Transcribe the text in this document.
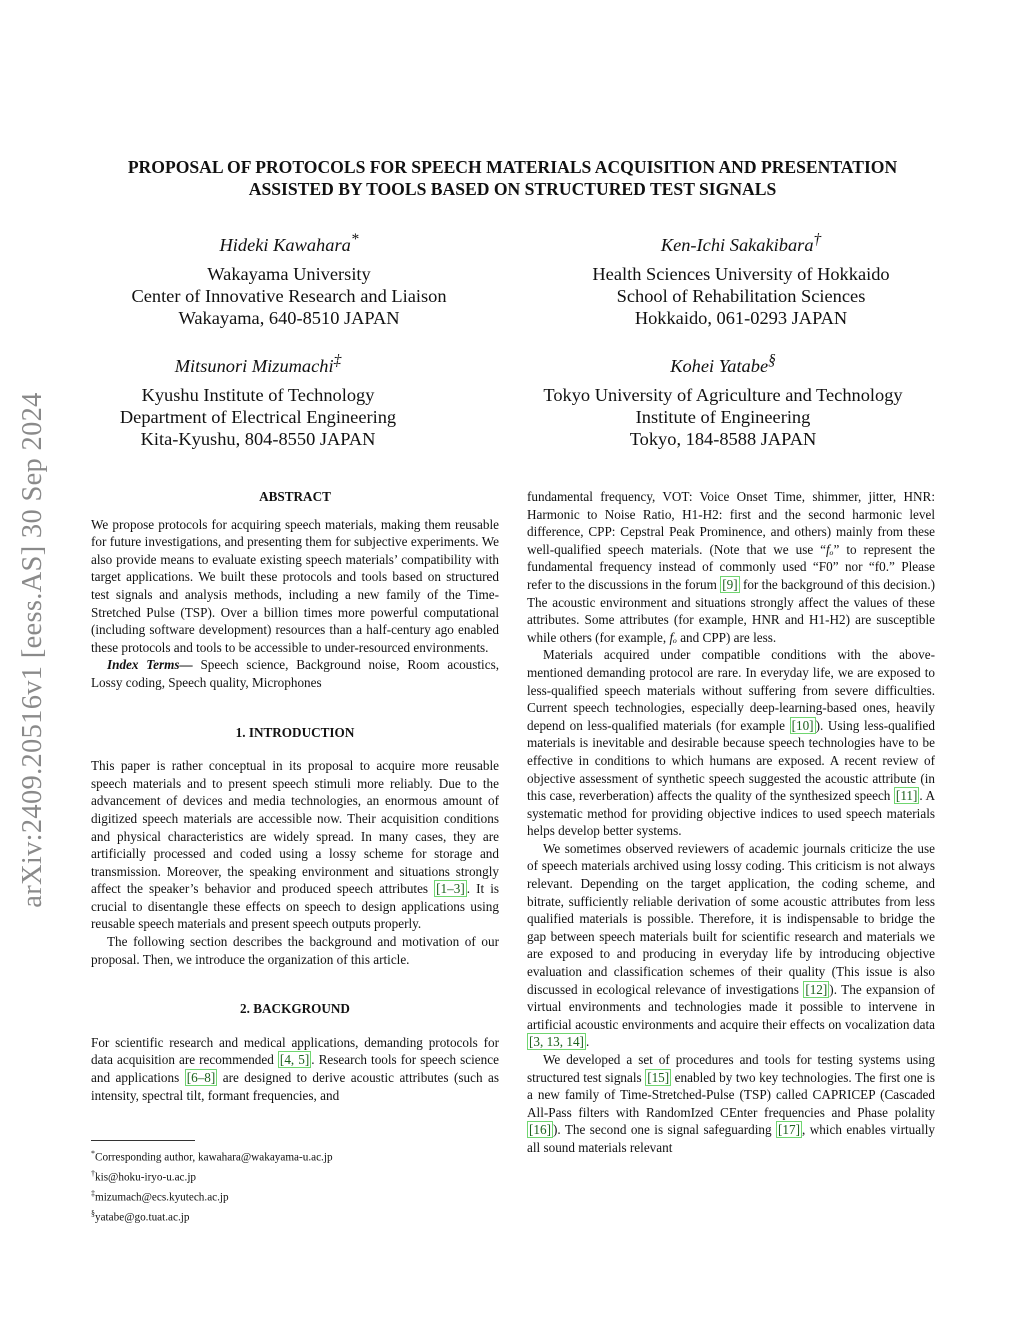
arXiv:2409.20516v1 [eess.AS] 30 Sep 2024
PROPOSAL OF PROTOCOLS FOR SPEECH MATERIALS ACQUISITION AND PRESENTATION ASSISTED BY TOOLS BASED ON STRUCTURED TEST SIGNALS
Hideki Kawahara*
Wakayama University
Center of Innovative Research and Liaison
Wakayama, 640-8510 JAPAN
Ken-Ichi Sakakibara†
Health Sciences University of Hokkaido
School of Rehabilitation Sciences
Hokkaido, 061-0293 JAPAN
Mitsunori Mizumachi‡
Kyushu Institute of Technology
Department of Electrical Engineering
Kita-Kyushu, 804-8550 JAPAN
Kohei Yatabe§
Tokyo University of Agriculture and Technology
Institute of Engineering
Tokyo, 184-8588 JAPAN
ABSTRACT

We propose protocols for acquiring speech materials, making them reusable for future investigations, and presenting them for subjective experiments. We also provide means to evaluate existing speech materials’ compatibility with target applications. We built these protocols and tools based on structured test signals and analysis methods, including a new family of the Time-Stretched Pulse (TSP). Over a billion times more powerful computational (including software development) resources than a half-century ago enabled these protocols and tools to be accessible to under-resourced environments.

Index Terms— Speech science, Background noise, Room acoustics, Lossy coding, Speech quality, Microphones

1. INTRODUCTION

This paper is rather conceptual in its proposal to acquire more reusable speech materials and to present speech stimuli more reliably. Due to the advancement of devices and media technologies, an enormous amount of digitized speech materials are accessible now. Their acquisition conditions and physical characteristics are widely spread. In many cases, they are artificially processed and coded using a lossy scheme for storage and transmission. Moreover, the speaking environment and situations strongly affect the speaker’s behavior and produced speech attributes [1–3] . It is crucial to disentangle these effects on speech to design applications using reusable speech materials and present speech outputs properly.

The following section describes the background and motivation of our proposal. Then, we introduce the organization of this article.

2. BACKGROUND

For scientific research and medical applications, demanding protocols for data acquisition are recommended [4, 5] . Research tools for speech science and applications [6–8] are designed to derive acoustic attributes (such as intensity, spectral tilt, formant frequencies, and

fundamental frequency, VOT: Voice Onset Time, shimmer, jitter, HNR: Harmonic to Noise Ratio, H1-H2: first and the second harmonic level difference, CPP: Cepstral Peak Prominence, and others) mainly from these well-qualified speech materials. (Note that we use “fₒ” to represent the fundamental frequency instead of commonly used “F0” nor “f0.” Please refer to the discussions in the forum [9] for the background of this decision.) The acoustic environment and situations strongly affect the values of these attributes. Some attributes (for example, HNR and H1-H2) are susceptible while others (for example, fₒ and CPP) are less.

Materials acquired under compatible conditions with the above-mentioned demanding protocol are rare. In everyday life, we are exposed to less-qualified speech materials without suffering from severe difficulties. Current speech technologies, especially deep-learning-based ones, heavily depend on less-qualified materials (for example [10] ). Using less-qualified materials is inevitable and desirable because speech technologies have to be effective in conditions to which humans are exposed. A recent review of objective assessment of synthetic speech suggested the acoustic attribute (in this case, reverberation) affects the quality of the synthesized speech [11] . A systematic method for providing objective indices to used speech materials helps develop better systems.

We sometimes observed reviewers of academic journals criticize the use of speech materials archived using lossy coding. This criticism is not always relevant. Depending on the target application, the coding scheme, and bitrate, sufficiently reliable derivation of some acoustic attributes from less qualified materials is possible. Therefore, it is indispensable to bridge the gap between speech materials built for scientific research and materials we are exposed to and producing in everyday life by introducing objective evaluation and classification schemes of their quality (This issue is also discussed in ecological relevance of investigations [12] ). The expansion of virtual environments and technologies made it possible to intervene in artificial acoustic environments and acquire their effects on vocalization data [3, 13, 14] .

We developed a set of procedures and tools for testing systems using structured test signals [15] enabled by two key technologies. The first one is a new family of Time-Stretched-Pulse (TSP) called CAPRICEP (Cascaded All-Pass filters with RandomIzed CEnter frequencies and Phase polality [16] ). The second one is signal safeguarding [17] , which enables virtually all sound materials relevant

*Corresponding author, kawahara@wakayama-u.ac.jp
†kis@hoku-iryo-u.ac.jp
‡mizumach@ecs.kyutech.ac.jp
§yatabe@go.tuat.ac.jp
